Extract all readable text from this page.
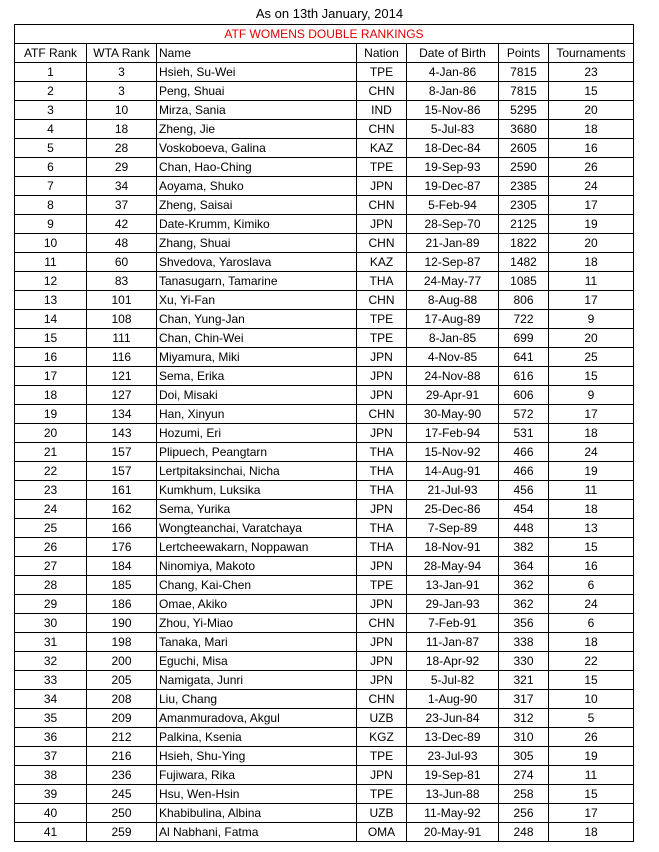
As on 13th January, 2014
ATF WOMENS DOUBLE RANKINGS						
ATF Rank	WTA Rank	Name	Nation	Date of Birth	Points	Tournaments
1	3	Hsieh, Su-Wei	TPE	4-Jan-86	7815	23
2	3	Peng, Shuai	CHN	8-Jan-86	7815	15
3	10	Mirza, Sania	IND	15-Nov-86	5295	20
4	18	Zheng, Jie	CHN	5-Jul-83	3680	18
5	28	Voskoboeva, Galina	KAZ	18-Dec-84	2605	16
6	29	Chan, Hao-Ching	TPE	19-Sep-93	2590	26
7	34	Aoyama, Shuko	JPN	19-Dec-87	2385	24
8	37	Zheng, Saisai	CHN	5-Feb-94	2305	17
9	42	Date-Krumm, Kimiko	JPN	28-Sep-70	2125	19
10	48	Zhang, Shuai	CHN	21-Jan-89	1822	20
11	60	Shvedova, Yaroslava	KAZ	12-Sep-87	1482	18
12	83	Tanasugarn, Tamarine	THA	24-May-77	1085	11
13	101	Xu, Yi-Fan	CHN	8-Aug-88	806	17
14	108	Chan, Yung-Jan	TPE	17-Aug-89	722	9
15	111	Chan, Chin-Wei	TPE	8-Jan-85	699	20
16	116	Miyamura, Miki	JPN	4-Nov-85	641	25
17	121	Sema, Erika	JPN	24-Nov-88	616	15
18	127	Doi, Misaki	JPN	29-Apr-91	606	9
19	134	Han, Xinyun	CHN	30-May-90	572	17
20	143	Hozumi, Eri	JPN	17-Feb-94	531	18
21	157	Plipuech, Peangtarn	THA	15-Nov-92	466	24
22	157	Lertpitaksinchai, Nicha	THA	14-Aug-91	466	19
23	161	Kumkhum, Luksika	THA	21-Jul-93	456	11
24	162	Sema, Yurika	JPN	25-Dec-86	454	18
25	166	Wongteanchai, Varatchaya	THA	7-Sep-89	448	13
26	176	Lertcheewakarn, Noppawan	THA	18-Nov-91	382	15
27	184	Ninomiya, Makoto	JPN	28-May-94	364	16
28	185	Chang, Kai-Chen	TPE	13-Jan-91	362	6
29	186	Omae, Akiko	JPN	29-Jan-93	362	24
30	190	Zhou, Yi-Miao	CHN	7-Feb-91	356	6
31	198	Tanaka, Mari	JPN	11-Jan-87	338	18
32	200	Eguchi, Misa	JPN	18-Apr-92	330	22
33	205	Namigata, Junri	JPN	5-Jul-82	321	15
34	208	Liu, Chang	CHN	1-Aug-90	317	10
35	209	Amanmuradova, Akgul	UZB	23-Jun-84	312	5
36	212	Palkina, Ksenia	KGZ	13-Dec-89	310	26
37	216	Hsieh, Shu-Ying	TPE	23-Jul-93	305	19
38	236	Fujiwara, Rika	JPN	19-Sep-81	274	11
39	245	Hsu, Wen-Hsin	TPE	13-Jun-88	258	15
40	250	Khabibulina, Albina	UZB	11-May-92	256	17
41	259	Al Nabhani, Fatma	OMA	20-May-91	248	18
